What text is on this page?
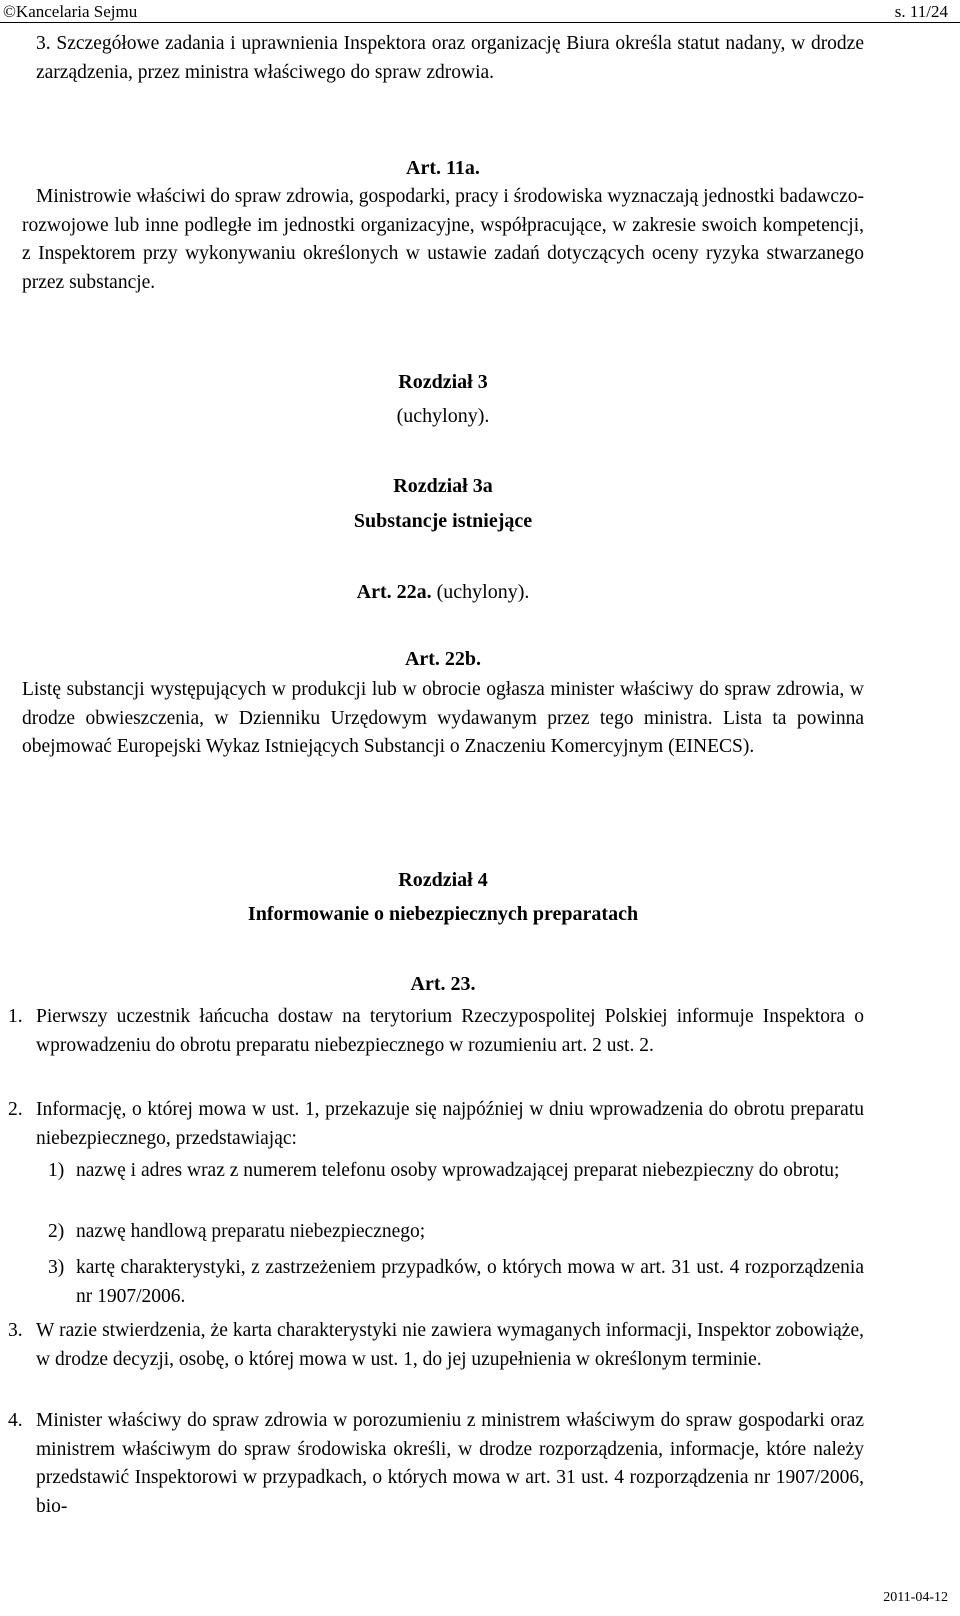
©Kancelaria Sejmu	s. 11/24
3. Szczegółowe zadania i uprawnienia Inspektora oraz organizację Biura określa statut nadany, w drodze zarządzenia, przez ministra właściwego do spraw zdrowia.
Art. 11a.
Ministrowie właściwi do spraw zdrowia, gospodarki, pracy i środowiska wyznaczają jednostki badawczo-rozwojowe lub inne podległe im jednostki organizacyjne, współpracujące, w zakresie swoich kompetencji, z Inspektorem przy wykonywaniu określonych w ustawie zadań dotyczących oceny ryzyka stwarzanego przez substancje.
Rozdział 3
(uchylony).
Rozdział 3a
Substancje istniejące
Art. 22a. (uchylony).
Art. 22b.
Listę substancji występujących w produkcji lub w obrocie ogłasza minister właściwy do spraw zdrowia, w drodze obwieszczenia, w Dzienniku Urzędowym wydawanym przez tego ministra. Lista ta powinna obejmować Europejski Wykaz Istniejących Substancji o Znaczeniu Komercyjnym (EINECS).
Rozdział 4
Informowanie o niebezpiecznych preparatach
Art. 23.
1. Pierwszy uczestnik łańcucha dostaw na terytorium Rzeczypospolitej Polskiej informuje Inspektora o wprowadzeniu do obrotu preparatu niebezpiecznego w rozumieniu art. 2 ust. 2.
2. Informację, o której mowa w ust. 1, przekazuje się najpóźniej w dniu wprowadzenia do obrotu preparatu niebezpiecznego, przedstawiając:
1) nazwę i adres wraz z numerem telefonu osoby wprowadzającej preparat niebezpieczny do obrotu;
2) nazwę handlową preparatu niebezpiecznego;
3) kartę charakterystyki, z zastrzeżeniem przypadków, o których mowa w art. 31 ust. 4 rozporządzenia nr 1907/2006.
3. W razie stwierdzenia, że karta charakterystyki nie zawiera wymaganych informacji, Inspektor zobowiąże, w drodze decyzji, osobę, o której mowa w ust. 1, do jej uzupełnienia w określonym terminie.
4. Minister właściwy do spraw zdrowia w porozumieniu z ministrem właściwym do spraw gospodarki oraz ministrem właściwym do spraw środowiska określi, w drodze rozporządzenia, informacje, które należy przedstawić Inspektorowi w przypadkach, o których mowa w art. 31 ust. 4 rozporządzenia nr 1907/2006, bio-
2011-04-12
